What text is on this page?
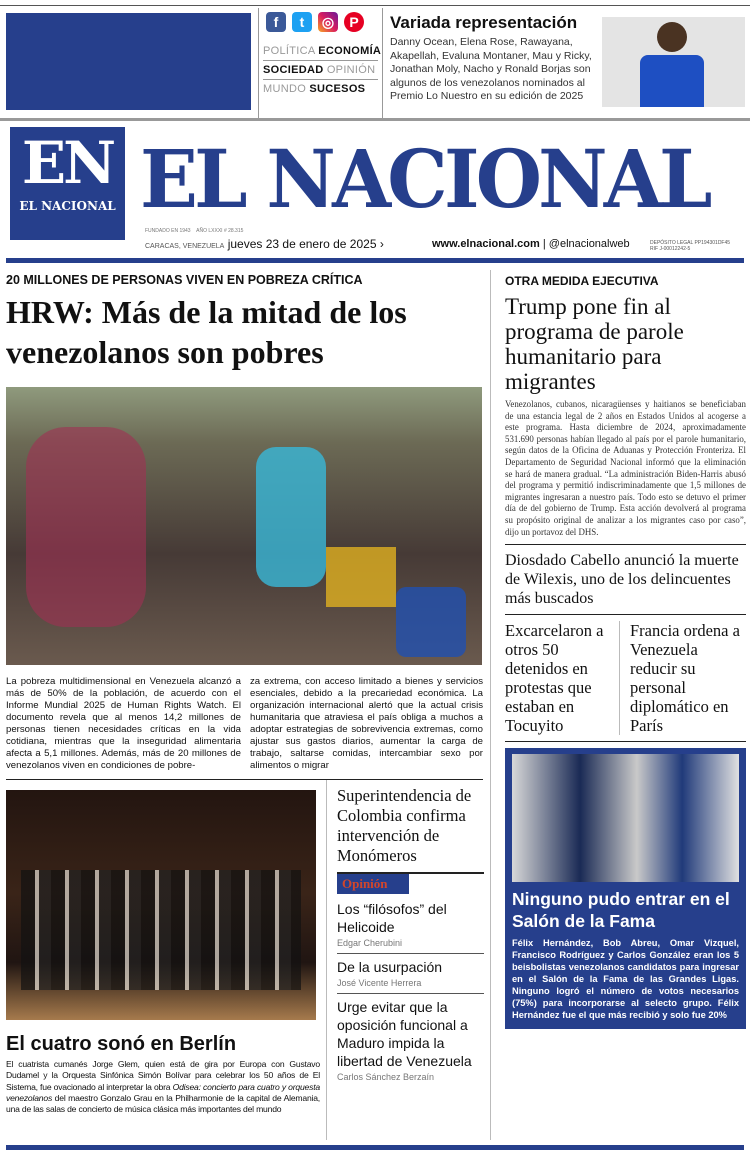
f t ◎ P
POLÍTICA ECONOMÍA
SOCIEDAD OPINIÓN
MUNDO SUCESOS
Variada representación
Danny Ocean, Elena Rose, Rawayana, Akapellah, Evaluna Montaner, Mau y Ricky, Jonathan Moly, Nacho y Ronald Borjas son algunos de los venezolanos nominados al Premio Lo Nuestro en su edición de 2025
EN
EL NACIONAL EL NACIONAL
FUNDADO EN 1943 AÑO LXXXI # 28.315
CARACAS, VENEZUELA jueves 23 de enero de 2025 ›	www.elnacional.com | @elnacionalweb	DEPÓSITO LEGAL PP194301DF45
RIF J-00012242-5
20 MILLONES DE PERSONAS VIVEN EN POBREZA CRÍTICA
HRW: Más de la mitad de los venezolanos son pobres

La pobreza multidimensional en Venezuela alcanzó a más de 50% de la población, de acuerdo con el Informe Mundial 2025 de Human Rights Watch. El documento revela que al menos 14,2 millones de personas tienen necesidades críticas en la vida cotidiana, mientras que la inseguridad alimentaria afecta a 5,1 millones. Además, más de 20 millones de venezolanos viven en condiciones de pobre-

za extrema, con acceso limitado a bienes y servicios esenciales, debido a la precariedad económica. La organización internacional alertó que la actual crisis humanitaria que atraviesa el país obliga a muchos a adoptar estrategias de sobrevivencia extremas, como ajustar sus gastos diarios, aumentar la carga de trabajo, saltarse comidas, intercambiar sexo por alimentos o migrar

OTRA MEDIDA EJECUTIVA
Trump pone fin al programa de parole humanitario para migrantes

Venezolanos, cubanos, nicaragüenses y haitianos se beneficiaban de una estancia legal de 2 años en Estados Unidos al acogerse a este programa. Hasta diciembre de 2024, aproximadamente 531.690 personas habían llegado al país por el parole humanitario, según datos de la Oficina de Aduanas y Protección Fronteriza. El Departamento de Seguridad Nacional informó que la eliminación se hará de manera gradual. “La administración Biden-Harris abusó del programa y permitió indiscriminadamente que 1,5 millones de migrantes ingresaran a nuestro país. Todo esto se detuvo el primer día de del gobierno de Trump. Esta acción devolverá al programa su propósito original de analizar a los migrantes caso por caso”, dijo un portavoz del DHS.

Diosdado Cabello anunció la muerte de Wilexis, uno de los delincuentes más buscados
Excarcelaron a otros 50 detenidos en protestas que estaban en Tocuyito
Francia ordena a Venezuela reducir su personal diplomático en París
Ninguno pudo entrar en el Salón de la Fama

Félix Hernández, Bob Abreu, Omar Vizquel, Francisco Rodríguez y Carlos González eran los 5 beisbolistas venezolanos candidatos para ingresar en el Salón de la Fama de las Grandes Ligas. Ninguno logró el número de votos necesarios (75%) para incorporarse al selecto grupo. Félix Hernández fue el que más recibió y solo fue 20%

El cuatro sonó en Berlín

El cuatrista cumanés Jorge Glem, quien está de gira por Europa con Gustavo Dudamel y la Orquesta Sinfónica Simón Bolívar para celebrar los 50 años de El Sistema, fue ovacionado al interpretar la obra Odisea: concierto para cuatro y orquesta venezolanos del maestro Gonzalo Grau en la Philharmonie de la capital de Alemania, una de las salas de concierto de música clásica más importantes del mundo

Superintendencia de Colombia confirma intervención de Monómeros
Opinión
Los “filósofos” del Helicoide
Edgar Cherubini
De la usurpación
José Vicente Herrera
Urge evitar que la oposición funcional a Maduro impida la libertad de Venezuela
Carlos Sánchez Berzaín
